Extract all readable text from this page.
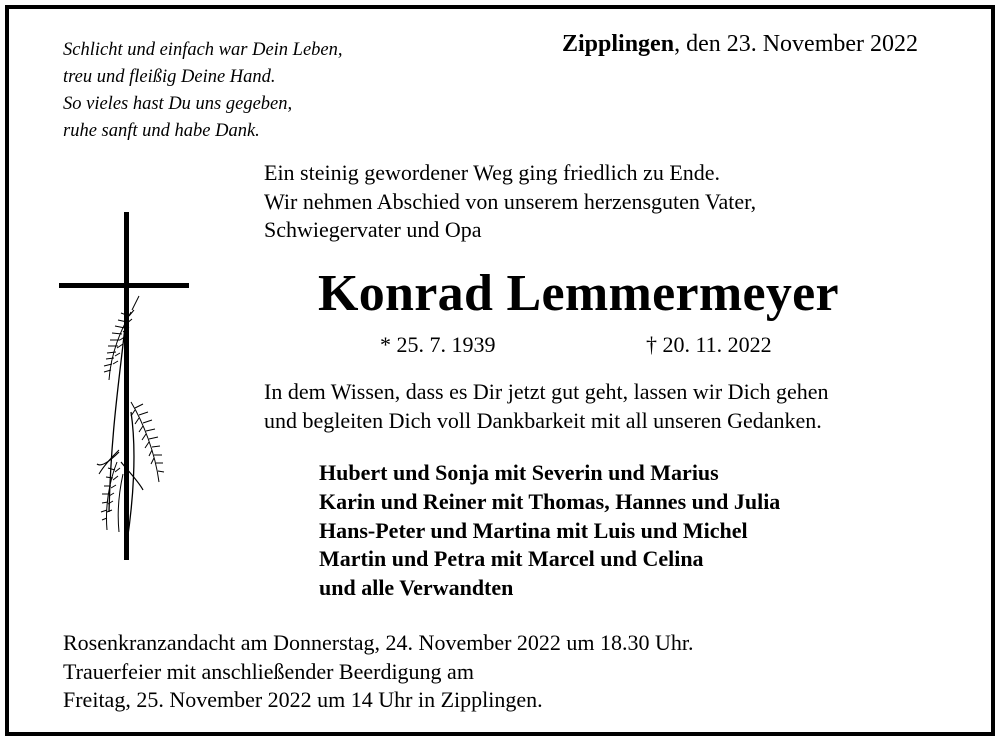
Schlicht und einfach war Dein Leben,
treu und fleißig Deine Hand.
So vieles hast Du uns gegeben,
ruhe sanft und habe Dank.
Zipplingen, den 23. November 2022
Ein steinig gewordener Weg ging friedlich zu Ende.
Wir nehmen Abschied von unserem herzensguten Vater,
Schwiegervater und Opa
Konrad Lemmermeyer
* 25. 7. 1939	† 20. 11. 2022
In dem Wissen, dass es Dir jetzt gut geht, lassen wir Dich gehen
und begleiten Dich voll Dankbarkeit mit all unseren Gedanken.
Hubert und Sonja mit Severin und Marius
Karin und Reiner mit Thomas, Hannes und Julia
Hans-Peter und Martina mit Luis und Michel
Martin und Petra mit Marcel und Celina
und alle Verwandten
Rosenkranzandacht am Donnerstag, 24. November 2022 um 18.30 Uhr.
Trauerfeier mit anschließender Beerdigung am
Freitag, 25. November 2022 um 14 Uhr in Zipplingen.
